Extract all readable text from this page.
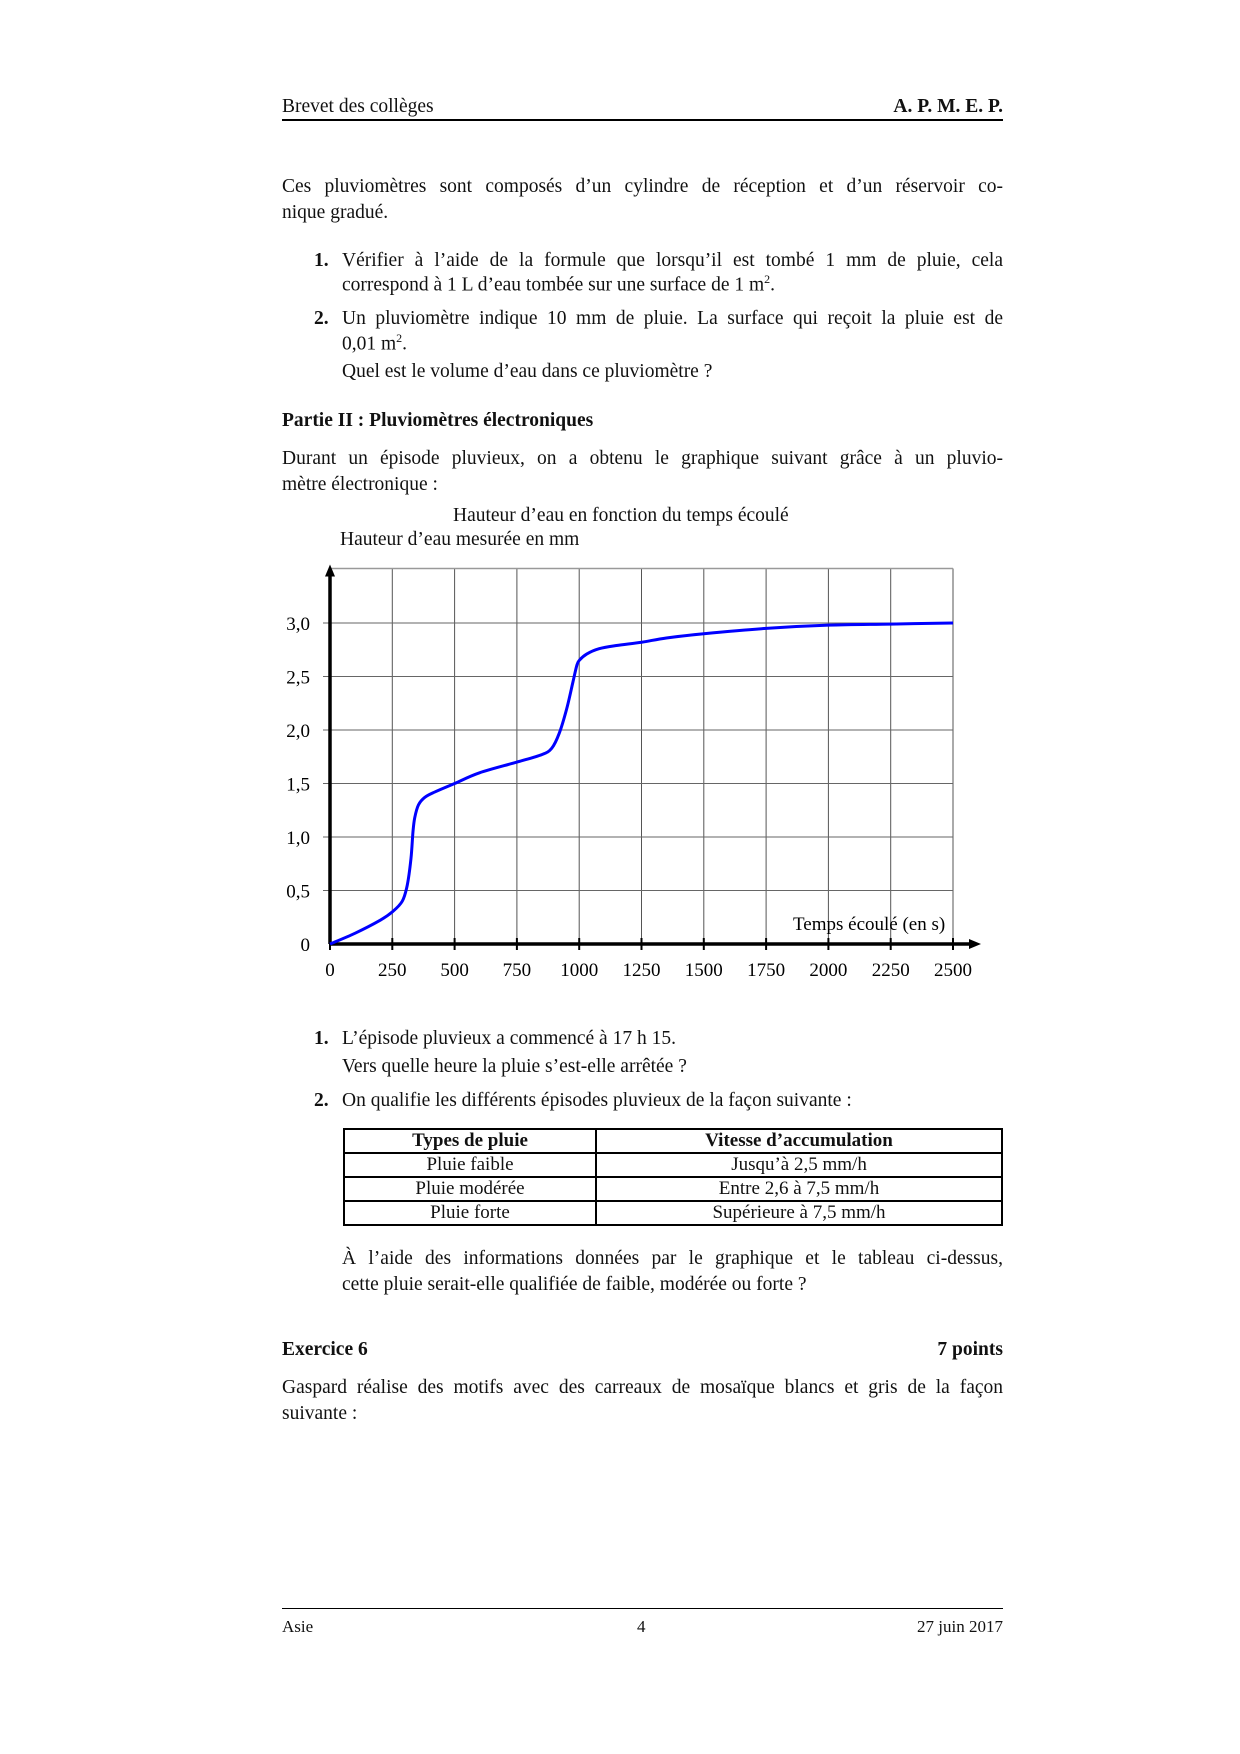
Brevet des collèges	A. P. M. E. P.
Ces pluviomètres sont composés d’un cylindre de réception et d’un réservoir co-
nique gradué.
1. Vérifier à l’aide de la formule que lorsqu’il est tombé 1 mm de pluie, cela
correspond à 1 L d’eau tombée sur une surface de 1 $m^2$.
2. Un pluviomètre indique 10 mm de pluie. La surface qui reçoit la pluie est de
0,01 $m^2$.
Quel est le volume d’eau dans ce pluviomètre ?
Partie II : Pluviomètres électroniques
Durant un épisode pluvieux, on a obtenu le graphique suivant grâce à un pluvio-
mètre électronique :
Hauteur d’eau en fonction du temps écoulé
Hauteur d’eau mesurée en mm
0 250 500 750 1000 1250 1500 1750 2000 2250 2500
0
0,5
1,0
1,5
2,0
2,5
3,0
Temps écoulé (en s)
1. L’épisode pluvieux a commencé à 17 h 15.
Vers quelle heure la pluie s’est-elle arrêtée ?
2. On qualifie les différents épisodes pluvieux de la façon suivante :
Types de pluie	Vitesse d’accumulation
Pluie faible	Jusqu’à 2,5 mm/h
Pluie modérée	Entre 2,6 à 7,5 mm/h
Pluie forte	Supérieure à 7,5 mm/h
À l’aide des informations données par le graphique et le tableau ci-dessus,
cette pluie serait-elle qualifiée de faible, modérée ou forte ?
Exercice 6	7 points
Gaspard réalise des motifs avec des carreaux de mosaïque blancs et gris de la façon
suivante :
Asie	4	27 juin 2017
